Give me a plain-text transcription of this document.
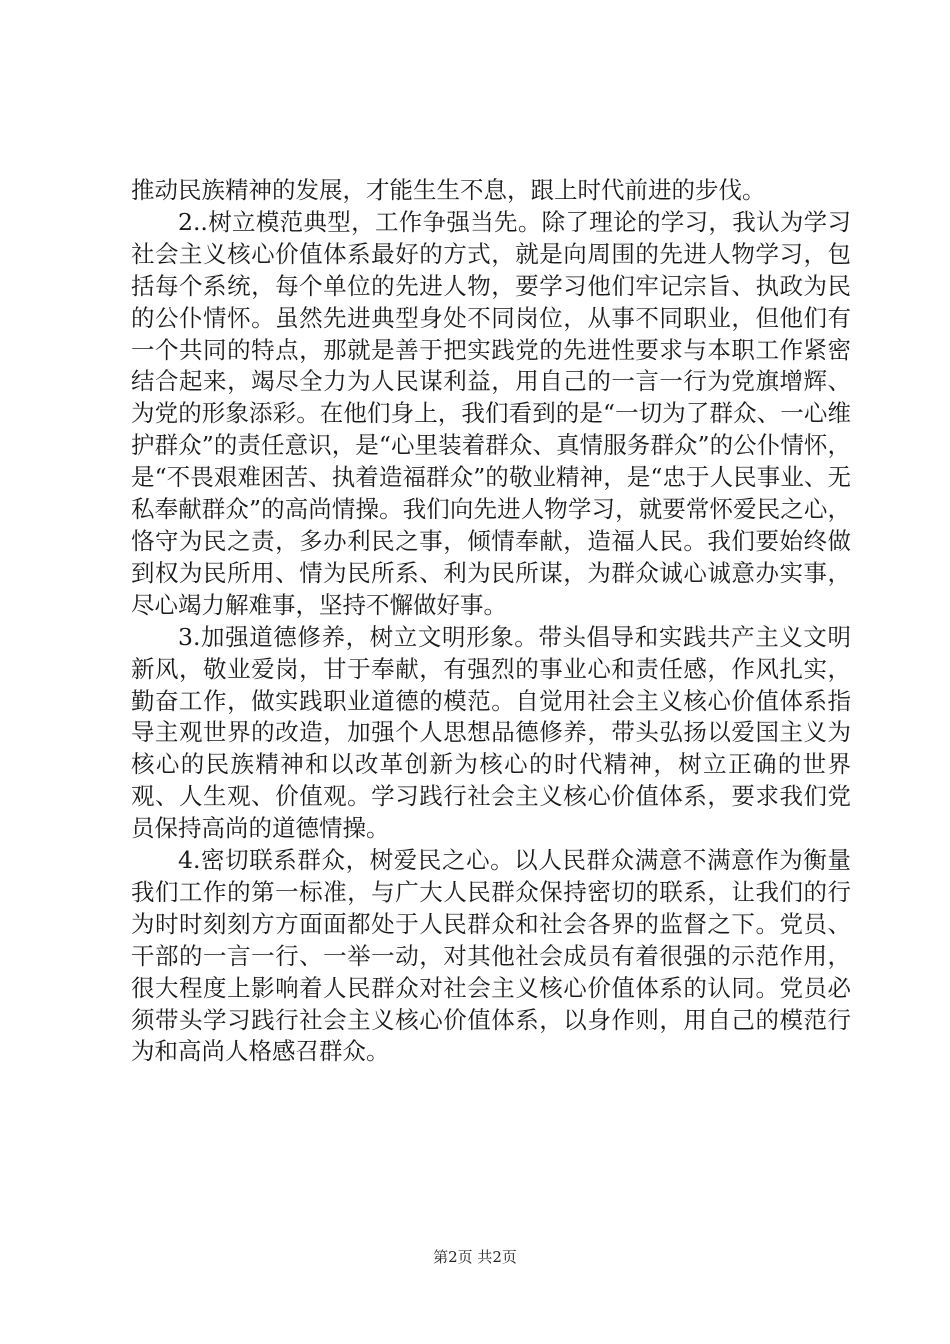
推动民族精神的发展，才能生生不息，跟上时代前进的步伐。

2..树立模范典型，工作争强当先。除了理论的学习，我认为学习社会主义核心价值体系最好的方式，就是向周围的先进人物学习，包括每个系统，每个单位的先进人物，要学习他们牢记宗旨、执政为民的公仆情怀。虽然先进典型身处不同岗位，从事不同职业，但他们有一个共同的特点，那就是善于把实践党的先进性要求与本职工作紧密结合起来，竭尽全力为人民谋利益，用自己的一言一行为党旗增辉、为党的形象添彩。在他们身上，我们看到的是“一切为了群众、一心维护群众”的责任意识，是“心里装着群众、真情服务群众”的公仆情怀，是“不畏艰难困苦、执着造福群众”的敬业精神，是“忠于人民事业、无私奉献群众”的高尚情操。我们向先进人物学习，就要常怀爱民之心，恪守为民之责，多办利民之事，倾情奉献，造福人民。我们要始终做到权为民所用、情为民所系、利为民所谋，为群众诚心诚意办实事，尽心竭力解难事，坚持不懈做好事。

3.加强道德修养，树立文明形象。带头倡导和实践共产主义文明新风，敬业爱岗，甘于奉献，有强烈的事业心和责任感，作风扎实，勤奋工作，做实践职业道德的模范。自觉用社会主义核心价值体系指导主观世界的改造，加强个人思想品德修养，带头弘扬以爱国主义为核心的民族精神和以改革创新为核心的时代精神，树立正确的世界观、人生观、价值观。学习践行社会主义核心价值体系，要求我们党员保持高尚的道德情操。

4.密切联系群众，树爱民之心。以人民群众满意不满意作为衡量我们工作的第一标准，与广大人民群众保持密切的联系，让我们的行为时时刻刻方方面面都处于人民群众和社会各界的监督之下。党员、干部的一言一行、一举一动，对其他社会成员有着很强的示范作用，很大程度上影响着人民群众对社会主义核心价值体系的认同。党员必须带头学习践行社会主义核心价值体系，以身作则，用自己的模范行为和高尚人格感召群众。

第2页 共2页
